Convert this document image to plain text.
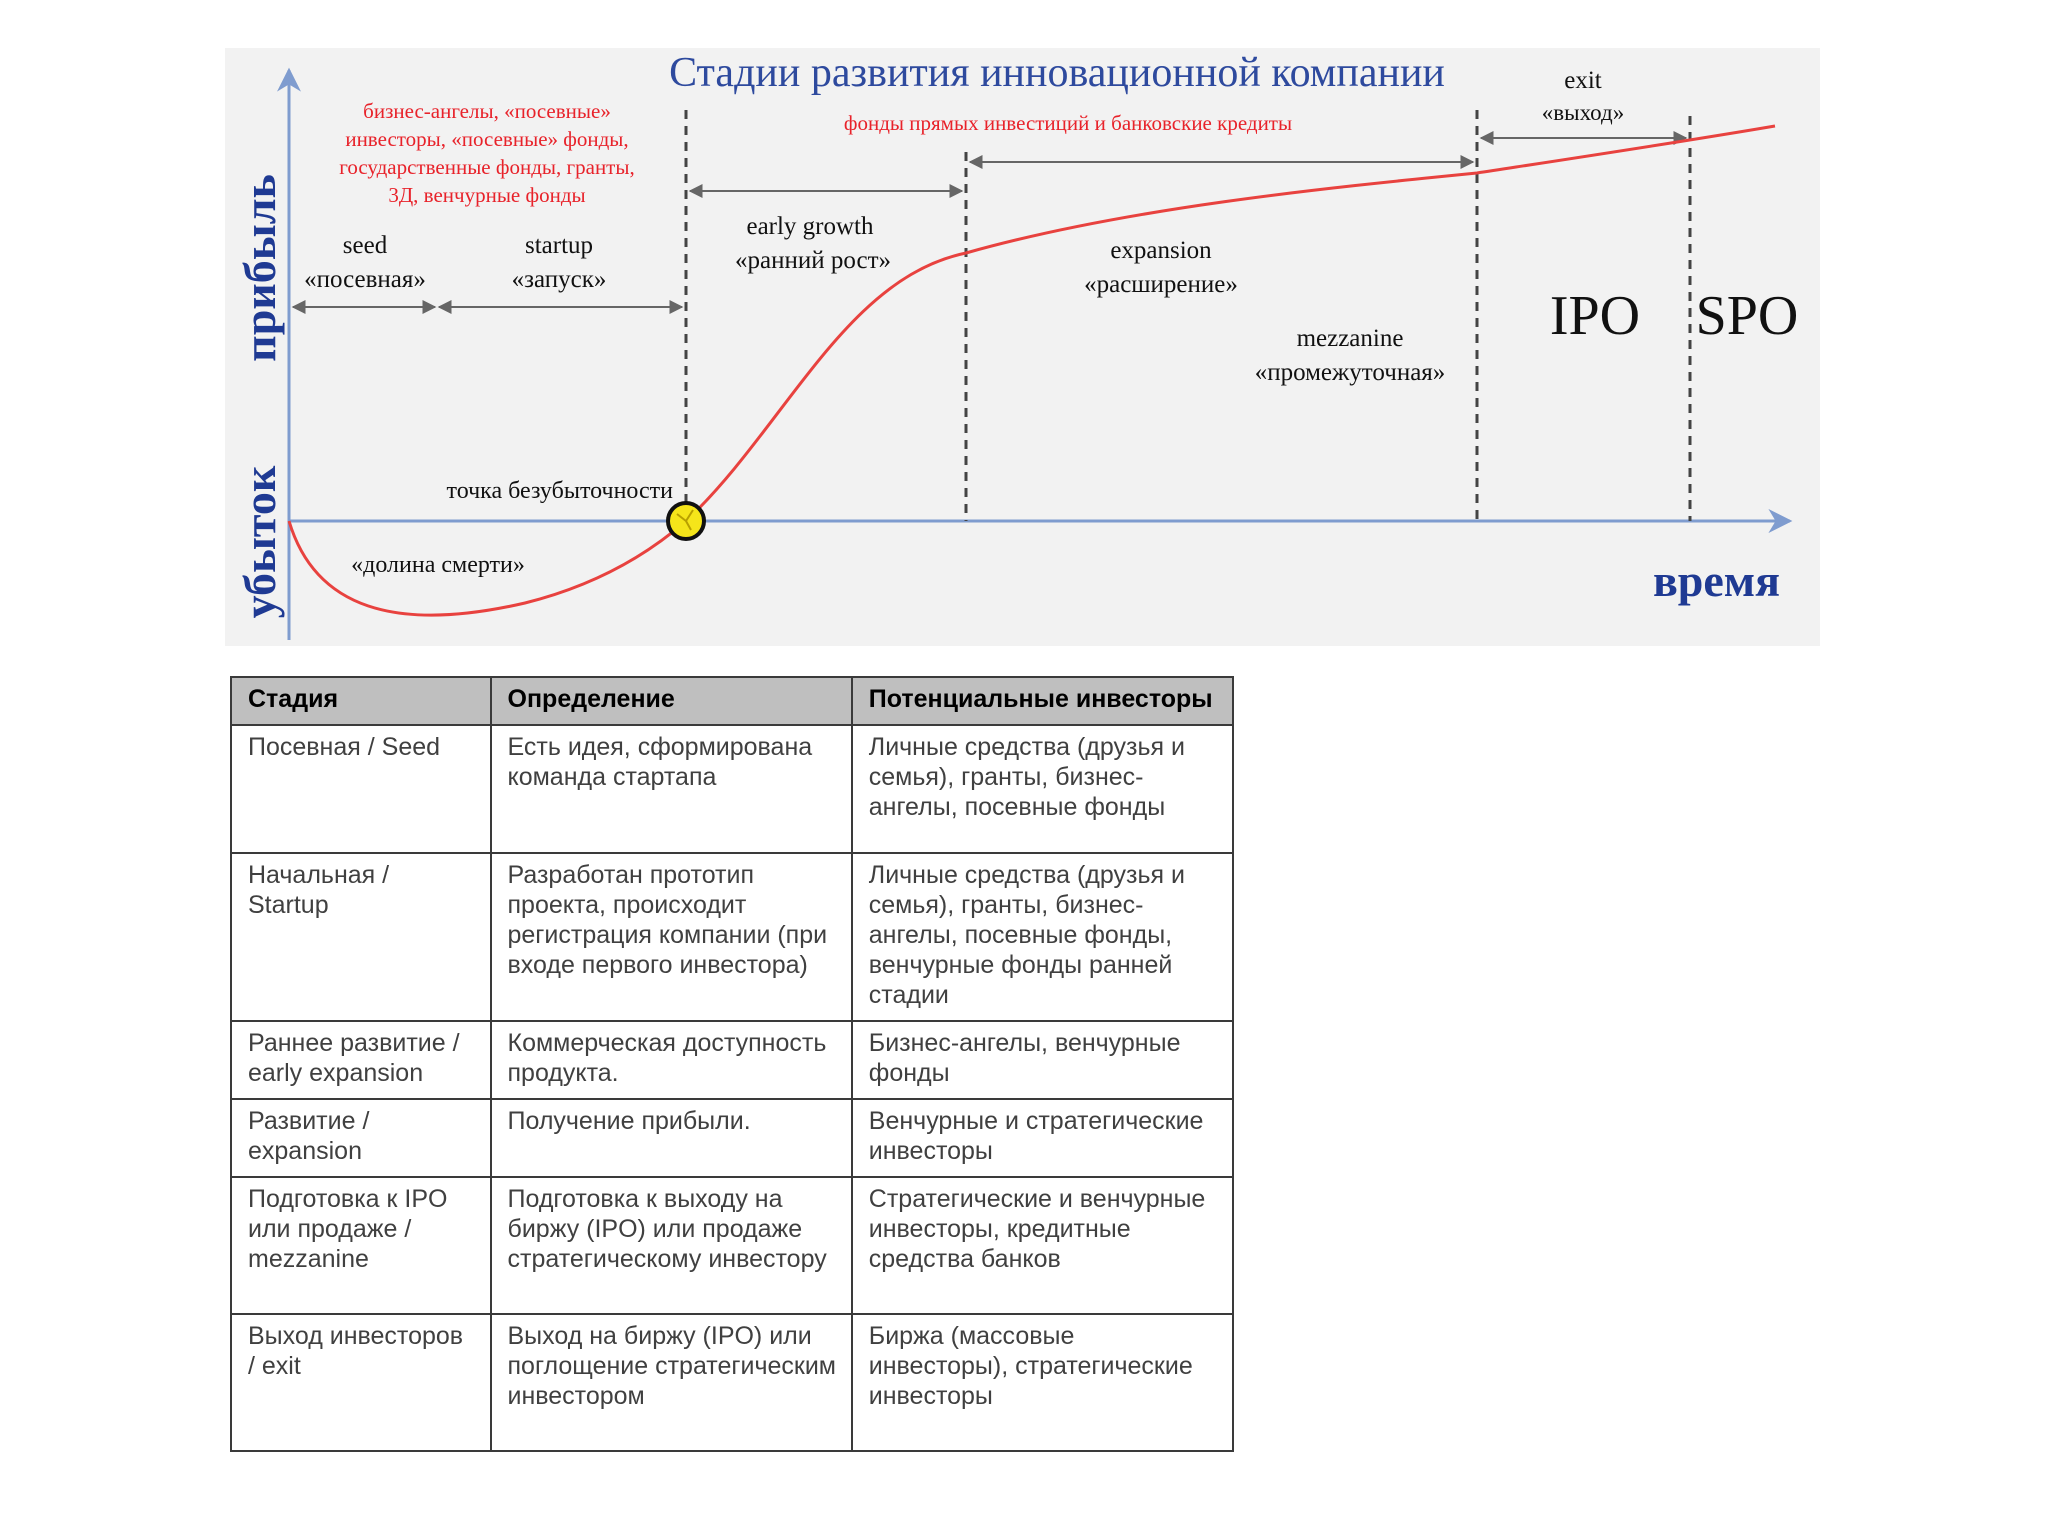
Стадии развития инновационной компании
прибыль
убыток	время
бизнес-ангелы, «посевные»
инвесторы, «посевные» фонды,
государственные фонды, гранты,
3Д, венчурные фонды
фонды прямых инвестиций и банковские кредиты
exit
«выход»
seed
«посевная»
startup
«запуск»
early growth
«ранний рост»	expansion
«расширение»
mezzanine
«промежуточная»
IPO SPO
точка безубыточности
«долина смерти»
Стадия	Определение	Потенциальные инвесторы
Посевная / Seed	Есть идея, сформирована команда стартапа	Личные средства (друзья и семья), гранты, бизнес-ангелы, посевные фонды
Начальная / Startup	Разработан прототип проекта, происходит регистрация компании (при входе первого инвестора)	Личные средства (друзья и семья), гранты, бизнес-ангелы, посевные фонды, венчурные фонды ранней стадии
Раннее развитие / early expansion	Коммерческая доступность продукта.	Бизнес-ангелы, венчурные фонды
Развитие / expansion	Получение прибыли.	Венчурные и стратегические инвесторы
Подготовка к IPO или продаже / mezzanine	Подготовка к выходу на биржу (IPO) или продаже стратегическому инвестору	Стратегические и венчурные инвесторы, кредитные средства банков
Выход инвесторов / exit	Выход на биржу (IPO) или поглощение стратегическим инвестором	Биржа (массовые инвесторы), стратегические инвесторы
